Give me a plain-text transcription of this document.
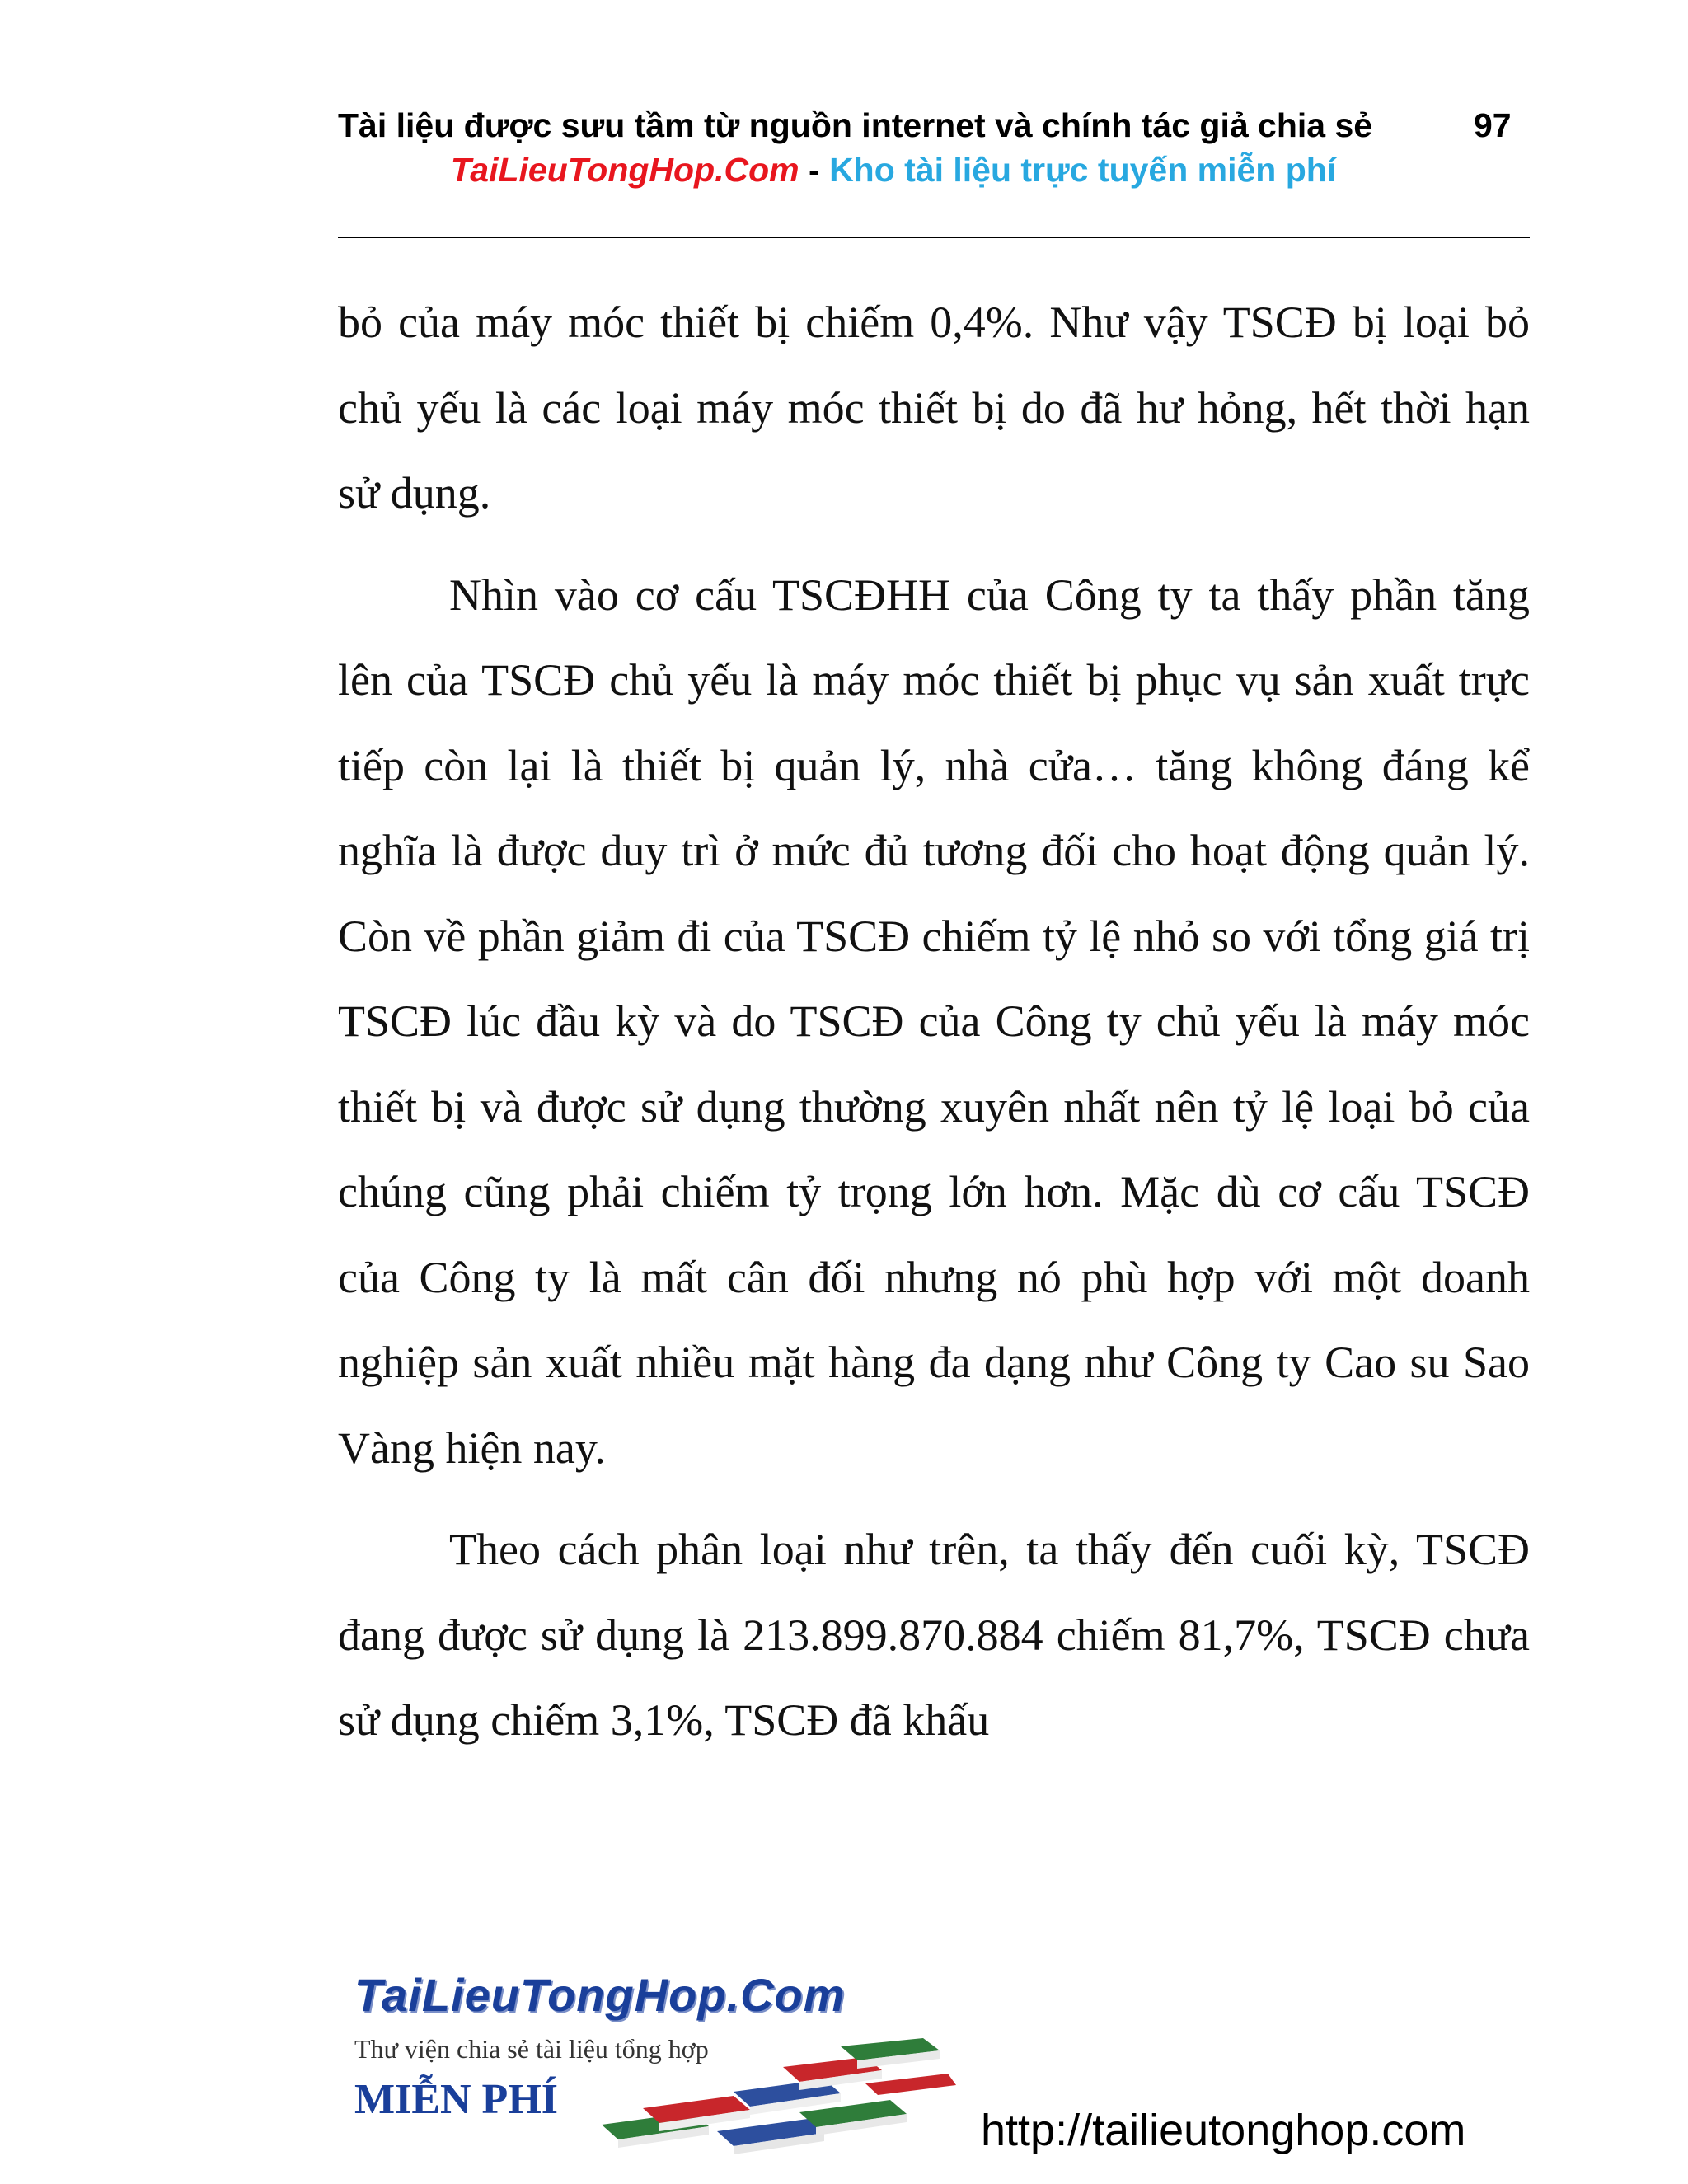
Tài liệu được sưu tầm từ nguồn internet và chính tác giả chia sẻ	97
TaiLieuTongHop.Com - Kho tài liệu trực tuyến miễn phí

bỏ của máy móc thiết bị chiếm 0,4%. Như vậy TSCĐ bị loại bỏ chủ yếu là các loại máy móc thiết bị do đã hư hỏng, hết thời hạn sử dụng.

Nhìn vào cơ cấu TSCĐHH của Công ty ta thấy phần tăng lên của TSCĐ chủ yếu là máy móc thiết bị phục vụ sản xuất trực tiếp còn lại là thiết bị quản lý, nhà cửa… tăng không đáng kể nghĩa là được duy trì ở mức đủ tương đối cho hoạt động quản lý. Còn về phần giảm đi của TSCĐ chiếm tỷ lệ nhỏ so với tổng giá trị TSCĐ lúc đầu kỳ và do TSCĐ của Công ty chủ yếu là máy móc thiết bị và được sử dụng thường xuyên nhất nên tỷ lệ loại bỏ của chúng cũng phải chiếm tỷ trọng lớn hơn. Mặc dù cơ cấu TSCĐ của Công ty là mất cân đối nhưng nó phù hợp với một doanh nghiệp sản xuất nhiều mặt hàng đa dạng như Công ty Cao su Sao Vàng hiện nay.

Theo cách phân loại như trên, ta thấy đến cuối kỳ, TSCĐ đang được sử dụng là 213.899.870.884 chiếm 81,7%, TSCĐ chưa sử dụng chiếm 3,1%, TSCĐ đã khấu

TaiLieuTongHop.Com
Thư viện chia sẻ tài liệu tổng hợp
MIỄN PHÍ
http://tailieutonghop.com
